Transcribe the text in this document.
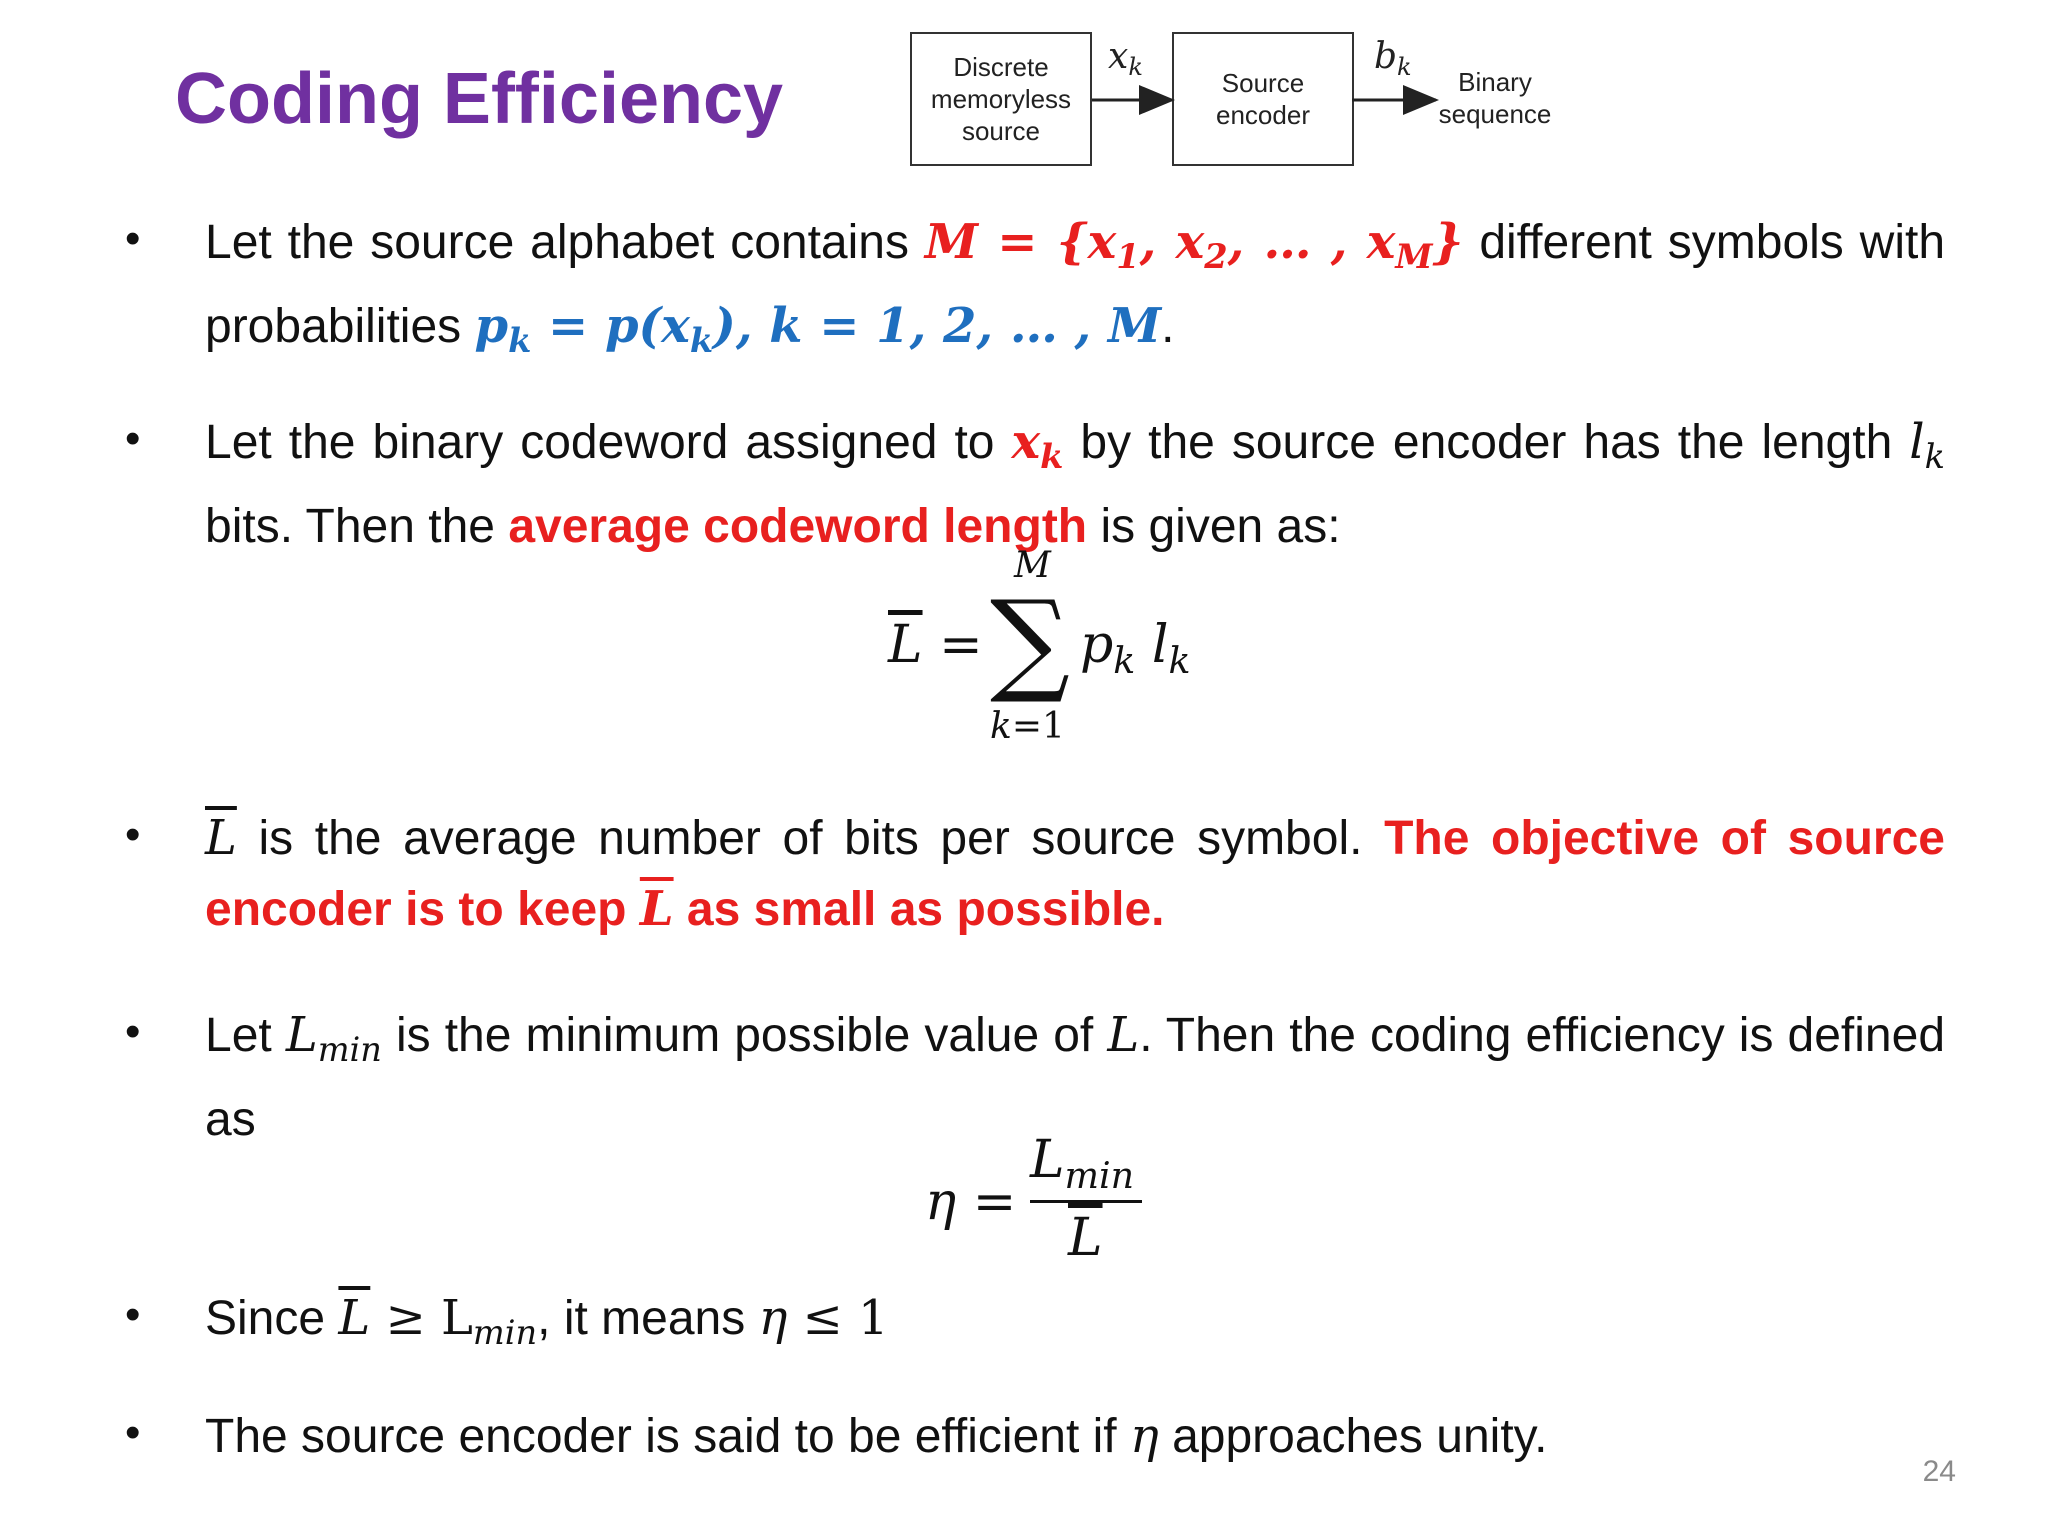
Coding Efficiency	Discrete
memoryless
source
Source
encoder
$x_k$	$b_k$	Binary
sequence
• Let the source alphabet contains $M = \{x_1$, $x_2$, … , $x_M$} different symbols with probabilities $p_k = p(x_k)$, k = 1, 2, … , M.
• Let the binary codeword assigned to $x_k$ by the source encoder has the length $l_k$ bits. Then the average codeword length is given as:
$\overline{L}$ =
M
∑
k=1
$p_k$ $l_k$
• $\overline{L}$ is the average number of bits per source symbol. The objective of source encoder is to keep $\overline{L}$ as small as possible.
• Let $L_{min}$ is the minimum possible value of L. Then the coding efficiency is defined as
η =
$L_{min}$
$\overline{L}$
• Since $\overline{L} \ge L_{min}$, it means η ≤ 1
• The source encoder is said to be efficient if η approaches unity.
24
